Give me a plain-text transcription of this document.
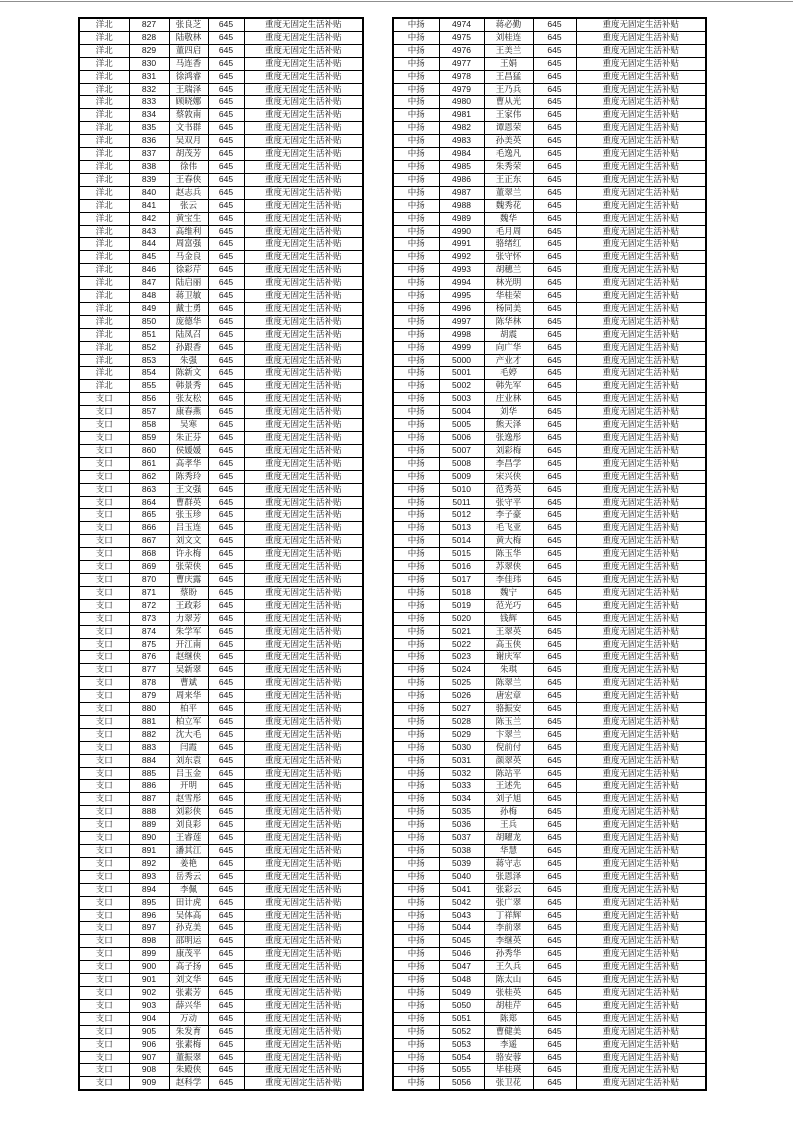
洋北	827	张良芝	645	重度无固定生活补贴
洋北	828	陆敬林	645	重度无固定生活补贴
洋北	829	董四启	645	重度无固定生活补贴
洋北	830	马连香	645	重度无固定生活补贴
洋北	831	徐鸿睿	645	重度无固定生活补贴
洋北	832	王瑞泽	645	重度无固定生活补贴
洋北	833	顾晓娜	645	重度无固定生活补贴
洋北	834	蔡敦南	645	重度无固定生活补贴
洋北	835	文书群	645	重度无固定生活补贴
洋北	836	吴双月	645	重度无固定生活补贴
洋北	837	胡茂芳	645	重度无固定生活补贴
洋北	838	徐伟	645	重度无固定生活补贴
洋北	839	王春侠	645	重度无固定生活补贴
洋北	840	赵志兵	645	重度无固定生活补贴
洋北	841	张云	645	重度无固定生活补贴
洋北	842	黄宝生	645	重度无固定生活补贴
洋北	843	高维利	645	重度无固定生活补贴
洋北	844	周富强	645	重度无固定生活补贴
洋北	845	马金良	645	重度无固定生活补贴
洋北	846	徐彩芹	645	重度无固定生活补贴
洋北	847	陆启丽	645	重度无固定生活补贴
洋北	848	蒋卫敏	645	重度无固定生活补贴
洋北	849	戴士勇	645	重度无固定生活补贴
洋北	850	庞德华	645	重度无固定生活补贴
洋北	851	陆凤召	645	重度无固定生活补贴
洋北	852	孙跟香	645	重度无固定生活补贴
洋北	853	朱强	645	重度无固定生活补贴
洋北	854	陈新文	645	重度无固定生活补贴
洋北	855	韩景秀	645	重度无固定生活补贴
支口	856	张友松	645	重度无固定生活补贴
支口	857	康春燕	645	重度无固定生活补贴
支口	858	吴寒	645	重度无固定生活补贴
支口	859	朱正芬	645	重度无固定生活补贴
支口	860	侯媛媛	645	重度无固定生活补贴
支口	861	高孝华	645	重度无固定生活补贴
支口	862	陈秀玲	645	重度无固定生活补贴
支口	863	王文强	645	重度无固定生活补贴
支口	864	曹群英	645	重度无固定生活补贴
支口	865	张玉珍	645	重度无固定生活补贴
支口	866	吕玉连	645	重度无固定生活补贴
支口	867	刘文文	645	重度无固定生活补贴
支口	868	许永梅	645	重度无固定生活补贴
支口	869	张荣侠	645	重度无固定生活补贴
支口	870	曹庆露	645	重度无固定生活补贴
支口	871	蔡盼	645	重度无固定生活补贴
支口	872	王政彩	645	重度无固定生活补贴
支口	873	力翠芳	645	重度无固定生活补贴
支口	874	朱学军	645	重度无固定生活补贴
支口	875	开江南	645	重度无固定生活补贴
支口	876	赵继侠	645	重度无固定生活补贴
支口	877	吴新翠	645	重度无固定生活补贴
支口	878	曹斌	645	重度无固定生活补贴
支口	879	周来华	645	重度无固定生活补贴
支口	880	柏平	645	重度无固定生活补贴
支口	881	柏立军	645	重度无固定生活补贴
支口	882	沈大毛	645	重度无固定生活补贴
支口	883	闫霞	645	重度无固定生活补贴
支口	884	刘东袁	645	重度无固定生活补贴
支口	885	吕玉金	645	重度无固定生活补贴
支口	886	开明	645	重度无固定生活补贴
支口	887	赵雪彤	645	重度无固定生活补贴
支口	888	刘彩侠	645	重度无固定生活补贴
支口	889	刘良彩	645	重度无固定生活补贴
支口	890	王睿莲	645	重度无固定生活补贴
支口	891	潘其江	645	重度无固定生活补贴
支口	892	姜艳	645	重度无固定生活补贴
支口	893	岳秀云	645	重度无固定生活补贴
支口	894	李佩	645	重度无固定生活补贴
支口	895	田计虎	645	重度无固定生活补贴
支口	896	吴体高	645	重度无固定生活补贴
支口	897	孙克美	645	重度无固定生活补贴
支口	898	邵明运	645	重度无固定生活补贴
支口	899	康茂平	645	重度无固定生活补贴
支口	900	高子扬	645	重度无固定生活补贴
支口	901	刘文华	645	重度无固定生活补贴
支口	902	张素芳	645	重度无固定生活补贴
支口	903	薛兴华	645	重度无固定生活补贴
支口	904	万动	645	重度无固定生活补贴
支口	905	朱发育	645	重度无固定生活补贴
支口	906	张素梅	645	重度无固定生活补贴
支口	907	董振翠	645	重度无固定生活补贴
支口	908	朱殿侠	645	重度无固定生活补贴
支口	909	赵科学	645	重度无固定生活补贴
中扬	4974	蒋必勤	645	重度无固定生活补贴
中扬	4975	刘桂连	645	重度无固定生活补贴
中扬	4976	王美兰	645	重度无固定生活补贴
中扬	4977	王娟	645	重度无固定生活补贴
中扬	4978	王昌猛	645	重度无固定生活补贴
中扬	4979	王乃兵	645	重度无固定生活补贴
中扬	4980	曹从光	645	重度无固定生活补贴
中扬	4981	王家伟	645	重度无固定生活补贴
中扬	4982	谭恩荣	645	重度无固定生活补贴
中扬	4983	孙美英	645	重度无固定生活补贴
中扬	4984	毛逸凡	645	重度无固定生活补贴
中扬	4985	朱秀荣	645	重度无固定生活补贴
中扬	4986	王正东	645	重度无固定生活补贴
中扬	4987	董翠兰	645	重度无固定生活补贴
中扬	4988	魏秀花	645	重度无固定生活补贴
中扬	4989	魏华	645	重度无固定生活补贴
中扬	4990	毛月周	645	重度无固定生活补贴
中扬	4991	骆绪红	645	重度无固定生活补贴
中扬	4992	张守怀	645	重度无固定生活补贴
中扬	4993	胡穗兰	645	重度无固定生活补贴
中扬	4994	林光明	645	重度无固定生活补贴
中扬	4995	华桂荣	645	重度无固定生活补贴
中扬	4996	杨同美	645	重度无固定生活补贴
中扬	4997	陈华林	645	重度无固定生活补贴
中扬	4998	胡震	645	重度无固定生活补贴
中扬	4999	向广华	645	重度无固定生活补贴
中扬	5000	产业才	645	重度无固定生活补贴
中扬	5001	毛婷	645	重度无固定生活补贴
中扬	5002	韩先军	645	重度无固定生活补贴
中扬	5003	庄业林	645	重度无固定生活补贴
中扬	5004	刘华	645	重度无固定生活补贴
中扬	5005	熊天泽	645	重度无固定生活补贴
中扬	5006	张逸彤	645	重度无固定生活补贴
中扬	5007	刘彩梅	645	重度无固定生活补贴
中扬	5008	李昌学	645	重度无固定生活补贴
中扬	5009	宋兴侠	645	重度无固定生活补贴
中扬	5010	范秀英	645	重度无固定生活补贴
中扬	5011	张守平	645	重度无固定生活补贴
中扬	5012	李子豪	645	重度无固定生活补贴
中扬	5013	毛飞亚	645	重度无固定生活补贴
中扬	5014	黄大梅	645	重度无固定生活补贴
中扬	5015	陈玉华	645	重度无固定生活补贴
中扬	5016	苏翠侠	645	重度无固定生活补贴
中扬	5017	李佳玮	645	重度无固定生活补贴
中扬	5018	魏宁	645	重度无固定生活补贴
中扬	5019	范光巧	645	重度无固定生活补贴
中扬	5020	钱辉	645	重度无固定生活补贴
中扬	5021	王翠英	645	重度无固定生活补贴
中扬	5022	高玉侠	645	重度无固定生活补贴
中扬	5023	谢庆军	645	重度无固定生活补贴
中扬	5024	朱琪	645	重度无固定生活补贴
中扬	5025	陈翠兰	645	重度无固定生活补贴
中扬	5026	唐宏章	645	重度无固定生活补贴
中扬	5027	骆振安	645	重度无固定生活补贴
中扬	5028	陈玉兰	645	重度无固定生活补贴
中扬	5029	卞翠兰	645	重度无固定生活补贴
中扬	5030	倪前付	645	重度无固定生活补贴
中扬	5031	颜翠英	645	重度无固定生活补贴
中扬	5032	陈站平	645	重度无固定生活补贴
中扬	5033	王述先	645	重度无固定生活补贴
中扬	5034	刘子旭	645	重度无固定生活补贴
中扬	5035	孙梅	645	重度无固定生活补贴
中扬	5036	王兵	645	重度无固定生活补贴
中扬	5037	胡曜龙	645	重度无固定生活补贴
中扬	5038	华慧	645	重度无固定生活补贴
中扬	5039	蒋守志	645	重度无固定生活补贴
中扬	5040	张恩泽	645	重度无固定生活补贴
中扬	5041	张彩云	645	重度无固定生活补贴
中扬	5042	张广翠	645	重度无固定生活补贴
中扬	5043	丁祥辉	645	重度无固定生活补贴
中扬	5044	李前翠	645	重度无固定生活补贴
中扬	5045	李继英	645	重度无固定生活补贴
中扬	5046	孙秀华	645	重度无固定生活补贴
中扬	5047	王久兵	645	重度无固定生活补贴
中扬	5048	陈太山	645	重度无固定生活补贴
中扬	5049	张桂英	645	重度无固定生活补贴
中扬	5050	胡桂芹	645	重度无固定生活补贴
中扬	5051	陈郑	645	重度无固定生活补贴
中扬	5052	曹健美	645	重度无固定生活补贴
中扬	5053	李遥	645	重度无固定生活补贴
中扬	5054	骆安蓉	645	重度无固定生活补贴
中扬	5055	毕桂瑛	645	重度无固定生活补贴
中扬	5056	张卫花	645	重度无固定生活补贴
